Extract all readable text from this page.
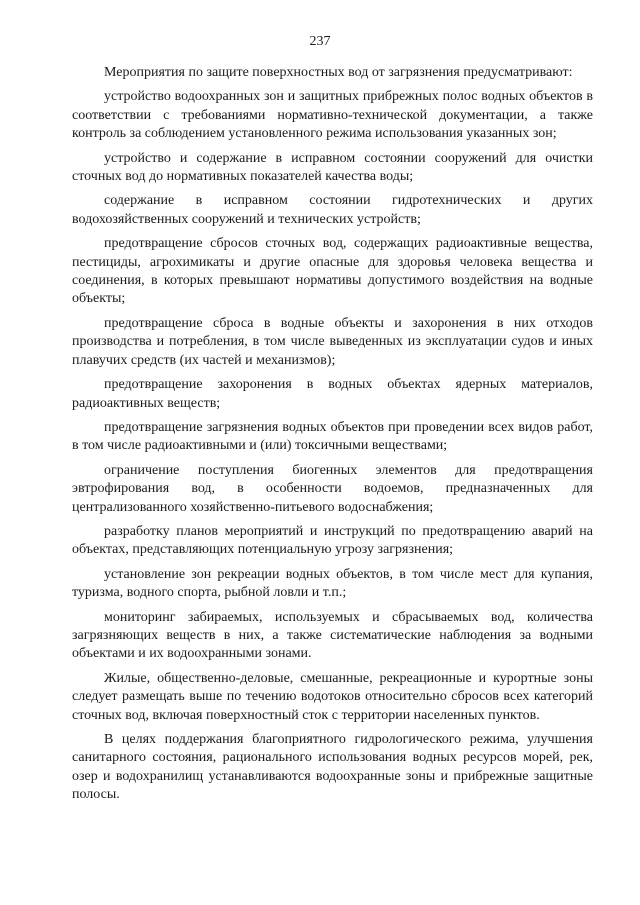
237

Мероприятия по защите поверхностных вод от загрязнения предусматривают:

устройство водоохранных зон и защитных прибрежных полос водных объектов в соответствии с требованиями нормативно-технической документации, а также контроль за соблюдением установленного режима использования указанных зон;

устройство и содержание в исправном состоянии сооружений для очистки сточных вод до нормативных показателей качества воды;

содержание в исправном состоянии гидротехнических и других водохозяйственных сооружений и технических устройств;

предотвращение сбросов сточных вод, содержащих радиоактивные вещества, пестициды, агрохимикаты и другие опасные для здоровья человека вещества и соединения, в которых превышают нормативы допустимого воздействия на водные объекты;

предотвращение сброса в водные объекты и захоронения в них отходов производства и потребления, в том числе выведенных из эксплуатации судов и иных плавучих средств (их частей и механизмов);

предотвращение захоронения в водных объектах ядерных материалов, радиоактивных веществ;

предотвращение загрязнения водных объектов при проведении всех видов работ, в том числе радиоактивными и (или) токсичными веществами;

ограничение поступления биогенных элементов для предотвращения эвтрофирования вод, в особенности водоемов, предназначенных для централизованного хозяйственно-питьевого водоснабжения;

разработку планов мероприятий и инструкций по предотвращению аварий на объектах, представляющих потенциальную угрозу загрязнения;

установление зон рекреации водных объектов, в том числе мест для купания, туризма, водного спорта, рыбной ловли и т.п.;

мониторинг забираемых, используемых и сбрасываемых вод, количества загрязняющих веществ в них, а также систематические наблюдения за водными объектами и их водоохранными зонами.

Жилые, общественно-деловые, смешанные, рекреационные и курортные зоны следует размещать выше по течению водотоков относительно сбросов всех категорий сточных вод, включая поверхностный сток с территории населенных пунктов.

В целях поддержания благоприятного гидрологического режима, улучшения санитарного состояния, рационального использования водных ресурсов морей, рек, озер и водохранилищ устанавливаются водоохранные зоны и прибрежные защитные полосы.
